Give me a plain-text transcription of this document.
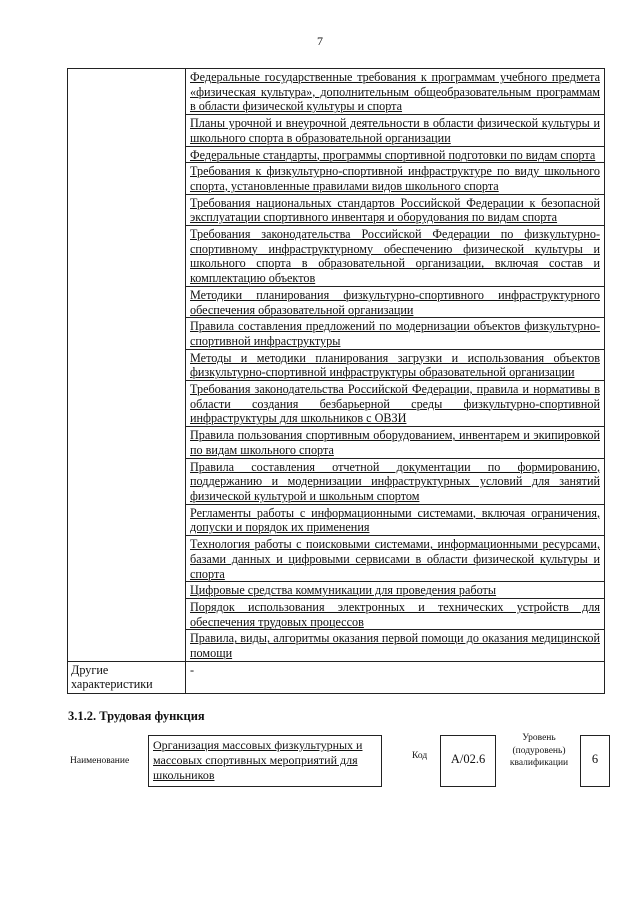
7
	Федеральные государственные требования к программам учебного предмета «физическая культура», дополнительным общеобразовательным программам в области физической культуры и спорта
	Планы урочной и внеурочной деятельности в области физической культуры и школьного спорта в образовательной организации
	Федеральные стандарты, программы спортивной подготовки по видам спорта
	Требования к физкультурно-спортивной инфраструктуре по виду школьного спорта, установленные правилами видов школьного спорта
	Требования национальных стандартов Российской Федерации к безопасной эксплуатации спортивного инвентаря и оборудования по видам спорта
	Требования законодательства Российской Федерации по физкультурно-спортивному инфраструктурному обеспечению физической культуры и школьного спорта в образовательной организации, включая состав и комплектацию объектов
	Методики планирования физкультурно-спортивного инфраструктурного обеспечения образовательной организации
	Правила составления предложений по модернизации объектов физкультурно-спортивной инфраструктуры
	Методы и методики планирования загрузки и использования объектов физкультурно-спортивной инфраструктуры образовательной организации
	Требования законодательства Российской Федерации, правила и нормативы в области создания безбарьерной среды физкультурно-спортивной инфраструктуры для школьников с ОВЗИ
	Правила пользования спортивным оборудованием, инвентарем и экипировкой по видам школьного спорта
	Правила составления отчетной документации по формированию, поддержанию и модернизации инфраструктурных условий для занятий физической культурой и школьным спортом
	Регламенты работы с информационными системами, включая ограничения, допуски и порядок их применения
	Технология работы с поисковыми системами, информационными ресурсами, базами данных и цифровыми сервисами в области физической культуры и спорта
	Цифровые средства коммуникации для проведения работы
	Порядок использования электронных и технических устройств для обеспечения трудовых процессов
	Правила, виды, алгоритмы оказания первой помощи до оказания медицинской помощи
Другие характеристики	-
3.1.2. Трудовая функция
Наименование
Организация массовых физкультурных и массовых спортивных мероприятий для школьников
Код	А/02.6
Уровень (подуровень) квалификации	6
